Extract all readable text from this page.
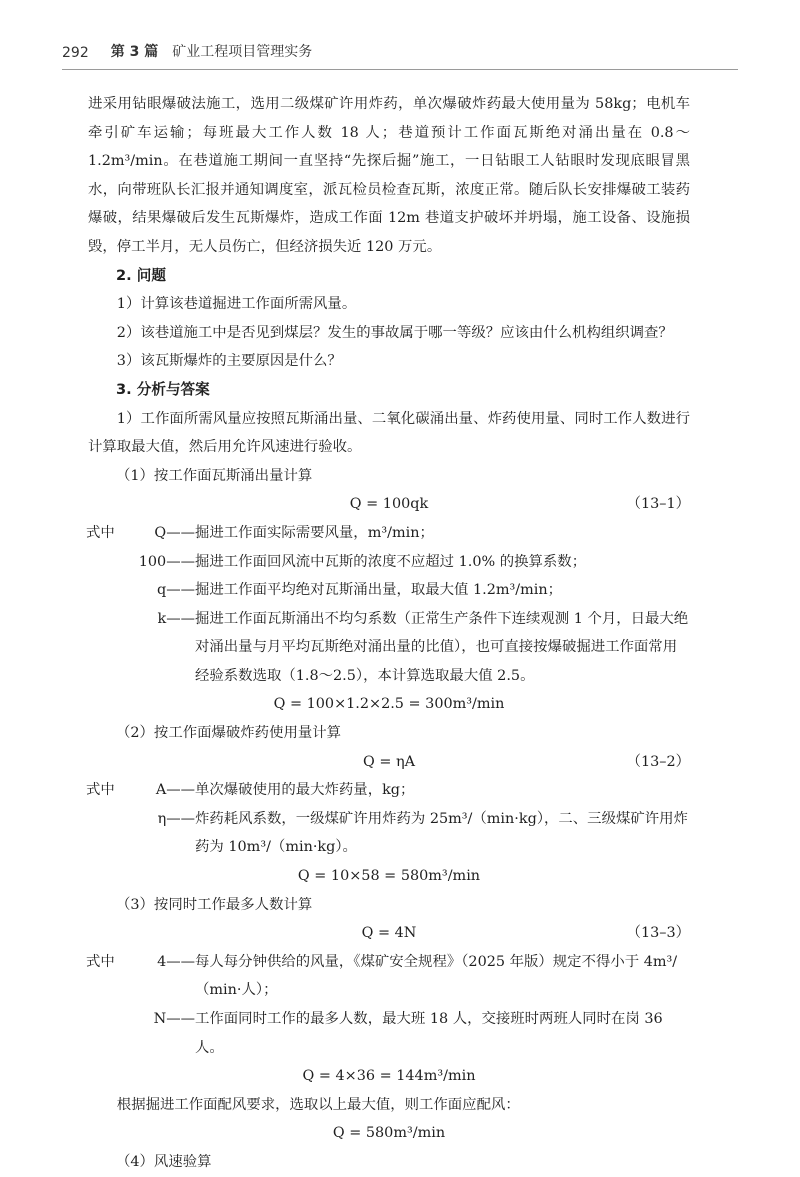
292 第 3 篇 矿业工程项目管理实务

进采用钻眼爆破法施工，选用二级煤矿许用炸药，单次爆破炸药最大使用量为 58kg；电机车牵引矿车运输；每班最大工作人数 18 人；巷道预计工作面瓦斯绝对涌出量在 0.8～1.2m³/min。在巷道施工期间一直坚持“先探后掘”施工，一日钻眼工人钻眼时发现底眼冒黑水，向带班队长汇报并通知调度室，派瓦检员检查瓦斯，浓度正常。随后队长安排爆破工装药爆破，结果爆破后发生瓦斯爆炸，造成工作面 12m 巷道支护破坏并坍塌，施工设备、设施损毁，停工半月，无人员伤亡，但经济损失近 120 万元。

2. 问题

1）计算该巷道掘进工作面所需风量。

2）该巷道施工中是否见到煤层？发生的事故属于哪一等级？应该由什么机构组织调查？

3）该瓦斯爆炸的主要原因是什么？

3. 分析与答案

1）工作面所需风量应按照瓦斯涌出量、二氧化碳涌出量、炸药使用量、同时工作人数进行计算取最大值，然后用允许风速进行验收。

（1）按工作面瓦斯涌出量计算
Q = 100qk	（13–1）
式中	Q—— 掘进工作面实际需要风量，m³/min；
100—— 掘进工作面回风流中瓦斯的浓度不应超过 1.0% 的换算系数；
q—— 掘进工作面平均绝对瓦斯涌出量，取最大值 1.2m³/min；
k—— 掘进工作面瓦斯涌出不均匀系数（正常生产条件下连续观测 1 个月，日最大绝对涌出量与月平均瓦斯绝对涌出量的比值），也可直接按爆破掘进工作面常用经验系数选取（1.8～2.5），本计算选取最大值 2.5。
Q = 100×1.2×2.5 = 300m³/min
（2）按工作面爆破炸药使用量计算
Q = ηA	（13–2）
式中	A—— 单次爆破使用的最大炸药量，kg；
η—— 炸药耗风系数，一级煤矿许用炸药为 25m³/（min·kg），二、三级煤矿许用炸药为 10m³/（min·kg）。
Q = 10×58 = 580m³/min
（3）按同时工作最多人数计算
Q = 4N	（13–3）
式中	4—— 每人每分钟供给的风量，《煤矿安全规程》（2025 年版）规定不得小于 4m³/（min·人）；
N—— 工作面同时工作的最多人数，最大班 18 人，交接班时两班人同时在岗 36 人。
Q = 4×36 = 144m³/min

根据掘进工作面配风要求，选取以上最大值，则工作面应配风：

Q = 580m³/min
（4）风速验算
